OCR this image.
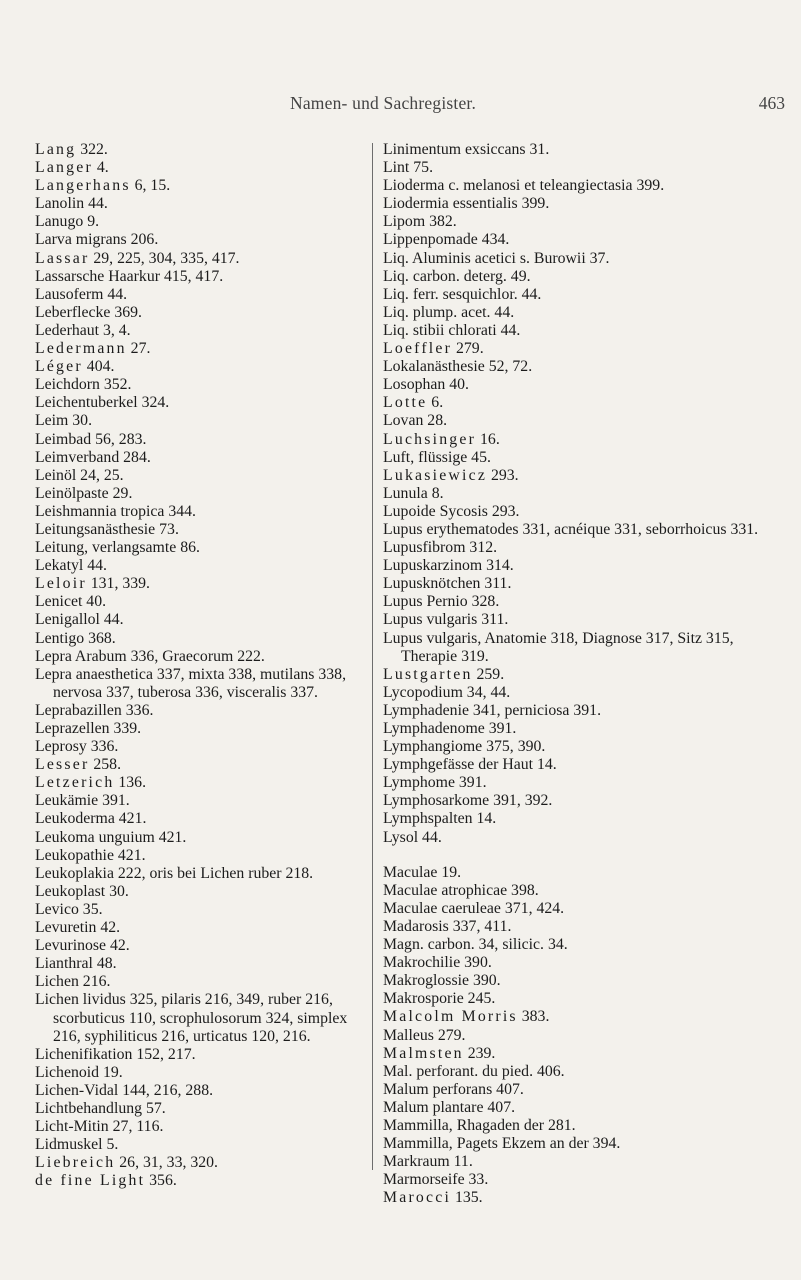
Namen- und Sachregister.	463

Lang 322.

Langer 4.

Langerhans 6, 15.

Lanolin 44.

Lanugo 9.

Larva migrans 206.

Lassar 29, 225, 304, 335, 417.

Lassarsche Haarkur 415, 417.

Lausoferm 44.

Leberflecke 369.

Lederhaut 3, 4.

Ledermann 27.

Léger 404.

Leichdorn 352.

Leichentuberkel 324.

Leim 30.

Leimbad 56, 283.

Leimverband 284.

Leinöl 24, 25.

Leinölpaste 29.

Leishmannia tropica 344.

Leitungsanästhesie 73.

Leitung, verlangsamte 86.

Lekatyl 44.

Leloir 131, 339.

Lenicet 40.

Lenigallol 44.

Lentigo 368.

Lepra Arabum 336, Graecorum 222.

Lepra anaesthetica 337, mixta 338, mutilans 338, nervosa 337, tuberosa 336, visceralis 337.

Leprabazillen 336.

Leprazellen 339.

Leprosy 336.

Lesser 258.

Letzerich 136.

Leukämie 391.

Leukoderma 421.

Leukoma unguium 421.

Leukopathie 421.

Leukoplakia 222, oris bei Lichen ruber 218.

Leukoplast 30.

Levico 35.

Levuretin 42.

Levurinose 42.

Lianthral 48.

Lichen 216.

Lichen lividus 325, pilaris 216, 349, ruber 216, scorbuticus 110, scrophulosorum 324, simplex 216, syphiliticus 216, urticatus 120, 216.

Lichenifikation 152, 217.

Lichenoid 19.

Lichen-Vidal 144, 216, 288.

Lichtbehandlung 57.

Licht-Mitin 27, 116.

Lidmuskel 5.

Liebreich 26, 31, 33, 320.

de fine Light 356.

Linimentum exsiccans 31.

Lint 75.

Lioderma c. melanosi et teleangiectasia 399.

Liodermia essentialis 399.

Lipom 382.

Lippenpomade 434.

Liq. Aluminis acetici s. Burowii 37.

Liq. carbon. deterg. 49.

Liq. ferr. sesquichlor. 44.

Liq. plump. acet. 44.

Liq. stibii chlorati 44.

Loeffler 279.

Lokalanästhesie 52, 72.

Losophan 40.

Lotte 6.

Lovan 28.

Luchsinger 16.

Luft, flüssige 45.

Lukasiewicz 293.

Lunula 8.

Lupoide Sycosis 293.

Lupus erythematodes 331, acnéique 331, seborrhoicus 331.

Lupusfibrom 312.

Lupuskarzinom 314.

Lupusknötchen 311.

Lupus Pernio 328.

Lupus vulgaris 311.

Lupus vulgaris, Anatomie 318, Diagnose 317, Sitz 315, Therapie 319.

Lustgarten 259.

Lycopodium 34, 44.

Lymphadenie 341, perniciosa 391.

Lymphadenome 391.

Lymphangiome 375, 390.

Lymphgefässe der Haut 14.

Lymphome 391.

Lymphosarkome 391, 392.

Lymphspalten 14.

Lysol 44.

Maculae 19.

Maculae atrophicae 398.

Maculae caeruleae 371, 424.

Madarosis 337, 411.

Magn. carbon. 34, silicic. 34.

Makrochilie 390.

Makroglossie 390.

Makrosporie 245.

Malcolm Morris 383.

Malleus 279.

Malmsten 239.

Mal. perforant. du pied. 406.

Malum perforans 407.

Malum plantare 407.

Mammilla, Rhagaden der 281.

Mammilla, Pagets Ekzem an der 394.

Markraum 11.

Marmorseife 33.

Marocci 135.
